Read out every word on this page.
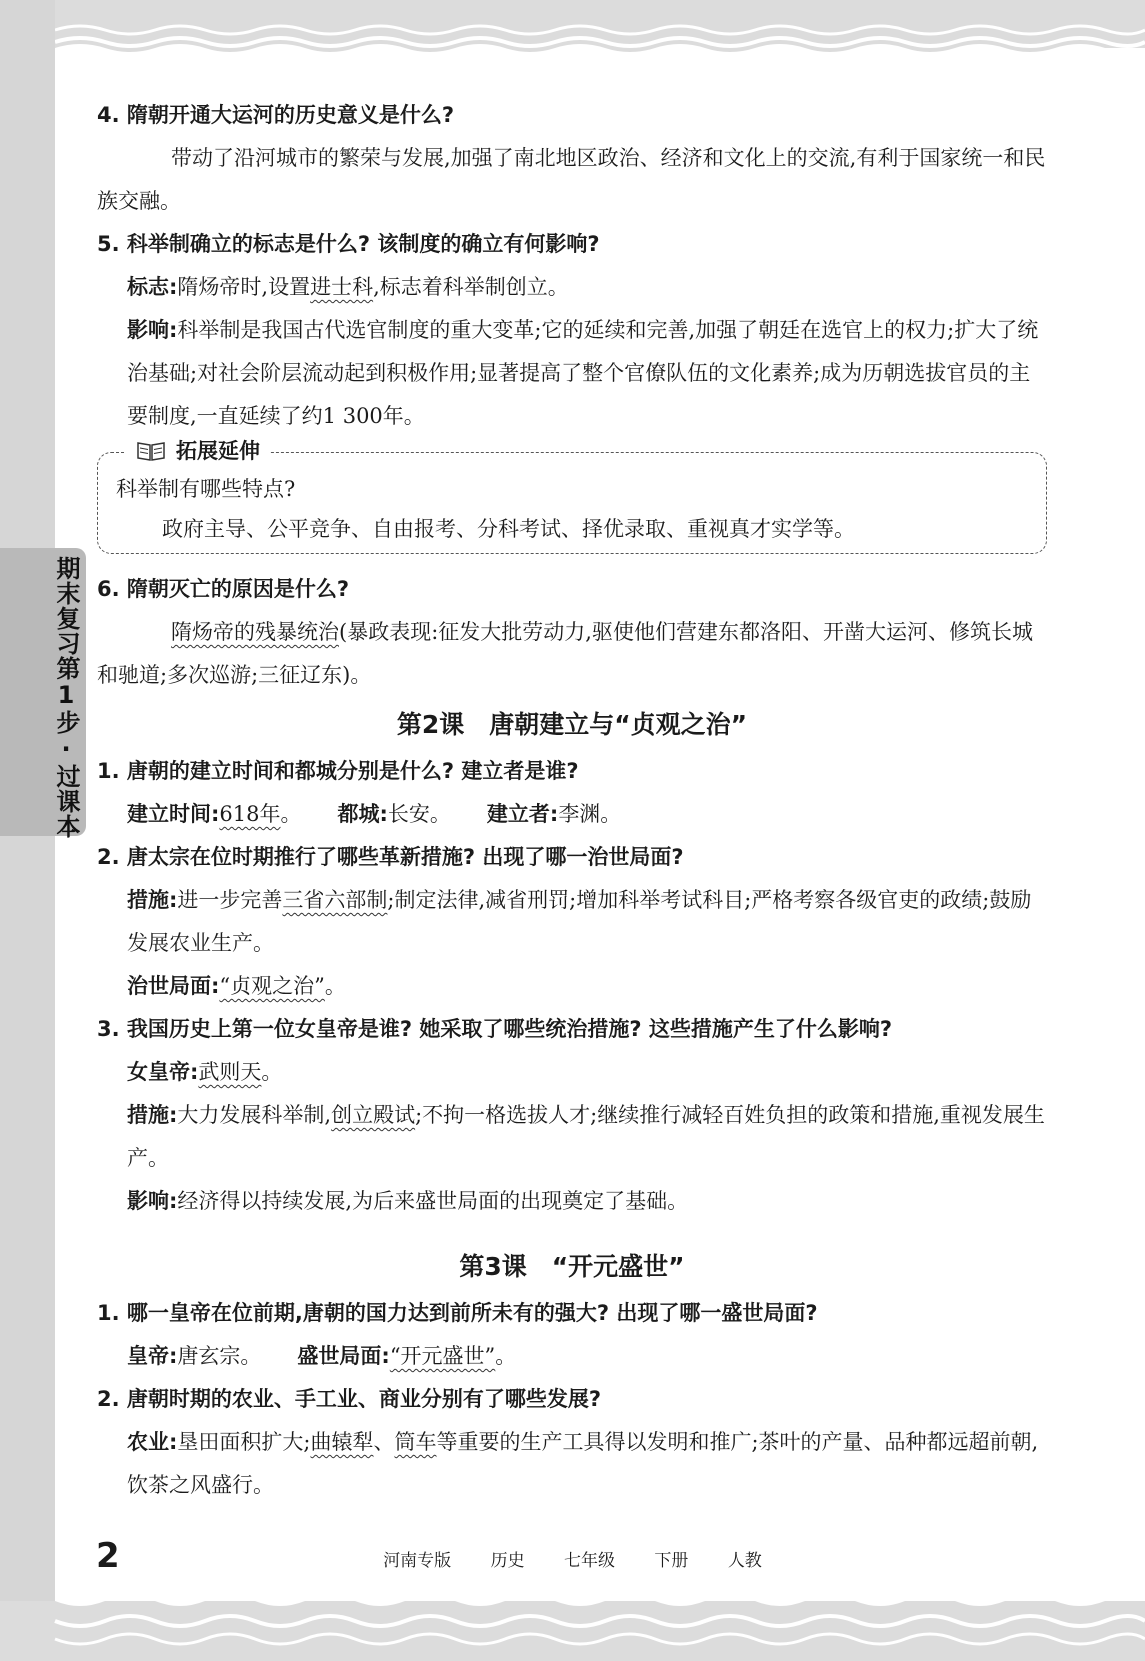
期末复习第1步·过课本
4. 隋朝开通大运河的历史意义是什么?
带动了沿河城市的繁荣与发展,加强了南北地区政治、经济和文化上的交流,有利于国家统一和民族交融。
5. 科举制确立的标志是什么? 该制度的确立有何影响?
标志:隋炀帝时,设置进士科,标志着科举制创立。
影响:科举制是我国古代选官制度的重大变革;它的延续和完善,加强了朝廷在选官上的权力;扩大了统治基础;对社会阶层流动起到积极作用;显著提高了整个官僚队伍的文化素养;成为历朝选拔官员的主要制度,一直延续了约1 300年。
拓展延伸
科举制有哪些特点?
政府主导、公平竞争、自由报考、分科考试、择优录取、重视真才实学等。
6. 隋朝灭亡的原因是什么?
隋炀帝的残暴统治(暴政表现:征发大批劳动力,驱使他们营建东都洛阳、开凿大运河、修筑长城和驰道;多次巡游;三征辽东)。
第2课　唐朝建立与“贞观之治”
1. 唐朝的建立时间和都城分别是什么? 建立者是谁?
建立时间:618年。 都城:长安。 建立者:李渊。
2. 唐太宗在位时期推行了哪些革新措施? 出现了哪一治世局面?
措施:进一步完善三省六部制;制定法律,减省刑罚;增加科举考试科目;严格考察各级官吏的政绩;鼓励发展农业生产。
治世局面:“贞观之治”。
3. 我国历史上第一位女皇帝是谁? 她采取了哪些统治措施? 这些措施产生了什么影响?
女皇帝:武则天。
措施:大力发展科举制,创立殿试;不拘一格选拔人才;继续推行减轻百姓负担的政策和措施,重视发展生产。
影响:经济得以持续发展,为后来盛世局面的出现奠定了基础。
第3课　“开元盛世”
1. 哪一皇帝在位前期,唐朝的国力达到前所未有的强大? 出现了哪一盛世局面?
皇帝:唐玄宗。 盛世局面:“开元盛世”。
2. 唐朝时期的农业、手工业、商业分别有了哪些发展?
农业:垦田面积扩大;曲辕犁、筒车等重要的生产工具得以发明和推广;茶叶的产量、品种都远超前朝,饮茶之风盛行。
2	河南专版 历史 七年级 下册 人教
